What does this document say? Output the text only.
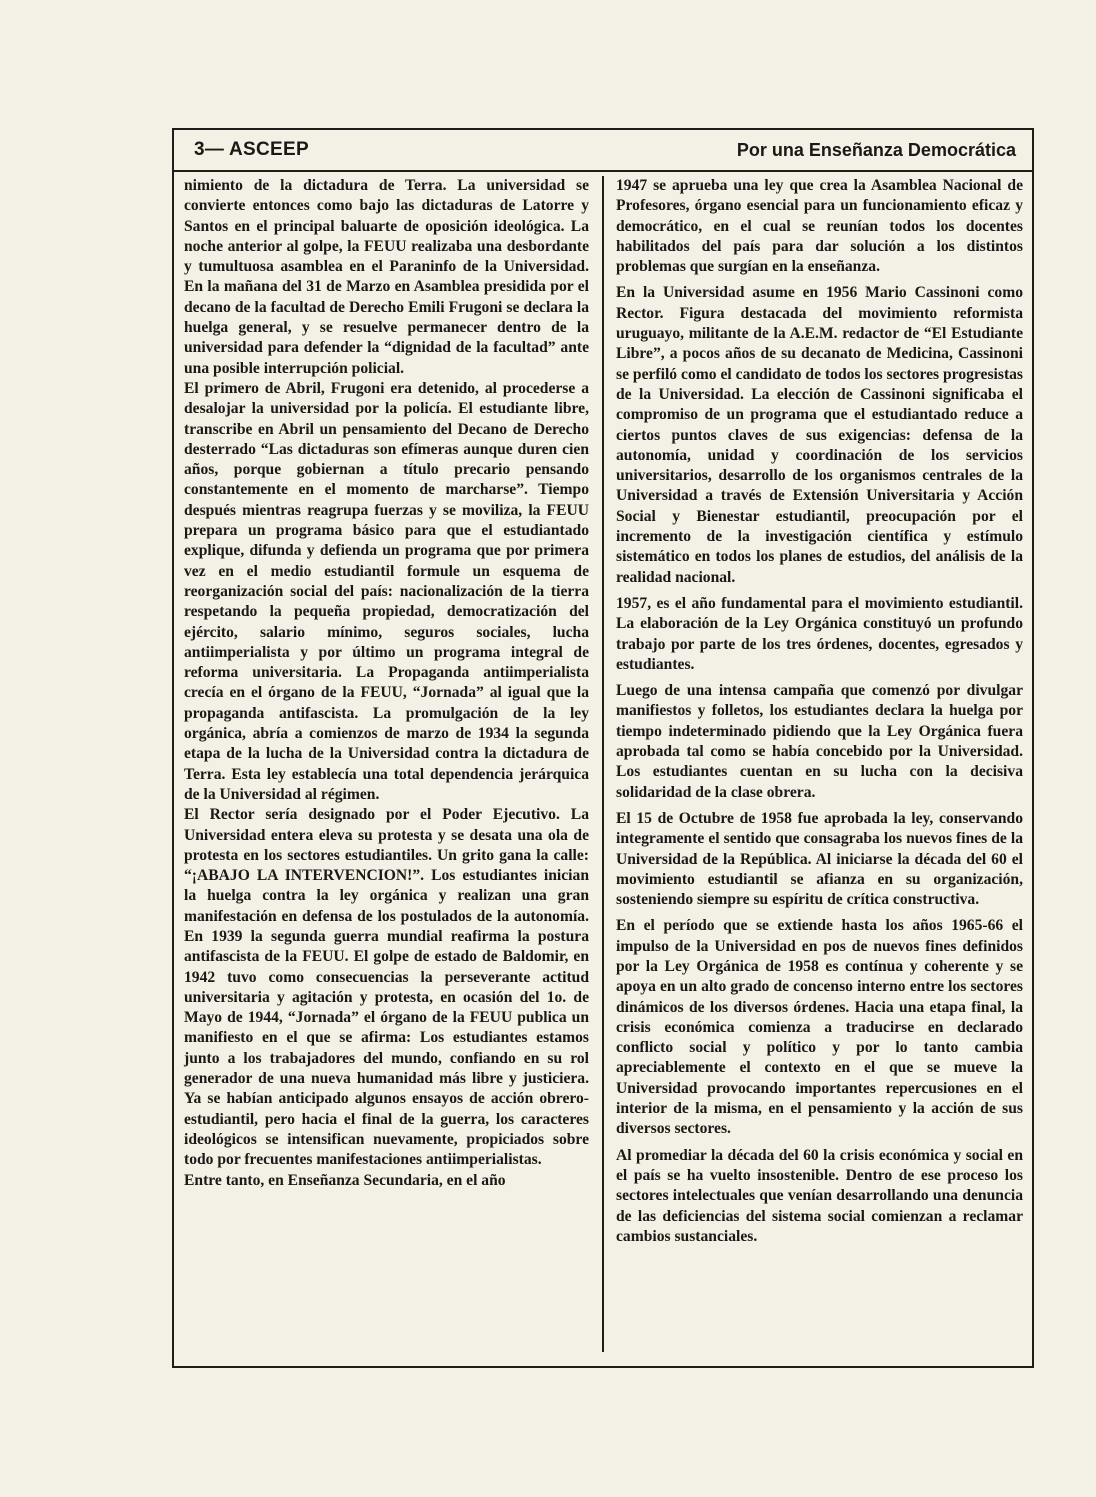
3— ASCEEP	Por una Enseñanza Democrática

nimiento de la dictadura de Terra. La universidad se convierte entonces como bajo las dictaduras de Latorre y Santos en el principal baluarte de oposición ideológica. La noche anterior al golpe, la FEUU realizaba una desbordante y tumultuosa asamblea en el Paraninfo de la Universidad. En la mañana del 31 de Marzo en Asamblea presidida por el decano de la facultad de Derecho Emili Frugoni se declara la huelga general, y se resuelve permanecer dentro de la universidad para defender la “dignidad de la facultad” ante una posible interrupción policial.

El primero de Abril, Frugoni era detenido, al procederse a desalojar la universidad por la policía. El estudiante libre, transcribe en Abril un pensamiento del Decano de Derecho desterrado “Las dictaduras son efímeras aunque duren cien años, porque gobiernan a título precario pensando constantemente en el momento de marcharse”. Tiempo después mientras reagrupa fuerzas y se moviliza, la FEUU prepara un programa básico para que el estudiantado explique, difunda y defienda un programa que por primera vez en el medio estudiantil formule un esquema de reorganización social del país: nacionalización de la tierra respetando la pequeña propiedad, democratización del ejército, salario mínimo, seguros sociales, lucha antiimperialista y por último un programa integral de reforma universitaria. La Propaganda antiimperialista crecía en el órgano de la FEUU, “Jornada” al igual que la propaganda antifascista. La promulgación de la ley orgánica, abría a comienzos de marzo de 1934 la segunda etapa de la lucha de la Universidad contra la dictadura de Terra. Esta ley establecía una total dependencia jerárquica de la Universidad al régimen.

El Rector sería designado por el Poder Ejecutivo. La Universidad entera eleva su protesta y se desata una ola de protesta en los sectores estudiantiles. Un grito gana la calle: “¡ABAJO LA INTERVENCION!”. Los estudiantes inician la huelga contra la ley orgánica y realizan una gran manifestación en defensa de los postulados de la autonomía. En 1939 la segunda guerra mundial reafirma la postura antifascista de la FEUU. El golpe de estado de Baldomir, en 1942 tuvo como consecuencias la perseverante actitud universitaria y agitación y protesta, en ocasión del 1o. de Mayo de 1944, “Jornada” el órgano de la FEUU publica un manifiesto en el que se afirma: Los estudiantes estamos junto a los trabajadores del mundo, confiando en su rol generador de una nueva humanidad más libre y justiciera. Ya se habían anticipado algunos ensayos de acción obrero-estudiantil, pero hacia el final de la guerra, los caracteres ideológicos se intensifican nuevamente, propiciados sobre todo por frecuentes manifestaciones antiimperialistas.

Entre tanto, en Enseñanza Secundaria, en el año

1947 se aprueba una ley que crea la Asamblea Nacional de Profesores, órgano esencial para un funcionamiento eficaz y democrático, en el cual se reunían todos los docentes habilitados del país para dar solución a los distintos problemas que surgían en la enseñanza.

En la Universidad asume en 1956 Mario Cassinoni como Rector. Figura destacada del movimiento reformista uruguayo, militante de la A.E.M. redactor de “El Estudiante Libre”, a pocos años de su decanato de Medicina, Cassinoni se perfiló como el candidato de todos los sectores progresistas de la Universidad. La elección de Cassinoni significaba el compromiso de un programa que el estudiantado reduce a ciertos puntos claves de sus exigencias: defensa de la autonomía, unidad y coordinación de los servicios universitarios, desarrollo de los organismos centrales de la Universidad a través de Extensión Universitaria y Acción Social y Bienestar estudiantil, preocupación por el incremento de la investigación científica y estímulo sistemático en todos los planes de estudios, del análisis de la realidad nacional.

1957, es el año fundamental para el movimiento estudiantil. La elaboración de la Ley Orgánica constituyó un profundo trabajo por parte de los tres órdenes, docentes, egresados y estudiantes.

Luego de una intensa campaña que comenzó por divulgar manifiestos y folletos, los estudiantes declara la huelga por tiempo indeterminado pidiendo que la Ley Orgánica fuera aprobada tal como se había concebido por la Universidad. Los estudiantes cuentan en su lucha con la decisiva solidaridad de la clase obrera.

El 15 de Octubre de 1958 fue aprobada la ley, conservando integramente el sentido que consagraba los nuevos fines de la Universidad de la República. Al iniciarse la década del 60 el movimiento estudiantil se afianza en su organización, sosteniendo siempre su espíritu de crítica constructiva.

En el período que se extiende hasta los años 1965-66 el impulso de la Universidad en pos de nuevos fines definidos por la Ley Orgánica de 1958 es contínua y coherente y se apoya en un alto grado de concenso interno entre los sectores dinámicos de los diversos órdenes. Hacia una etapa final, la crisis económica comienza a traducirse en declarado conflicto social y político y por lo tanto cambia apreciablemente el contexto en el que se mueve la Universidad provocando importantes repercusiones en el interior de la misma, en el pensamiento y la acción de sus diversos sectores.

Al promediar la década del 60 la crisis económica y social en el país se ha vuelto insostenible. Dentro de ese proceso los sectores intelectuales que venían desarrollando una denuncia de las deficiencias del sistema social comienzan a reclamar cambios sustanciales.
